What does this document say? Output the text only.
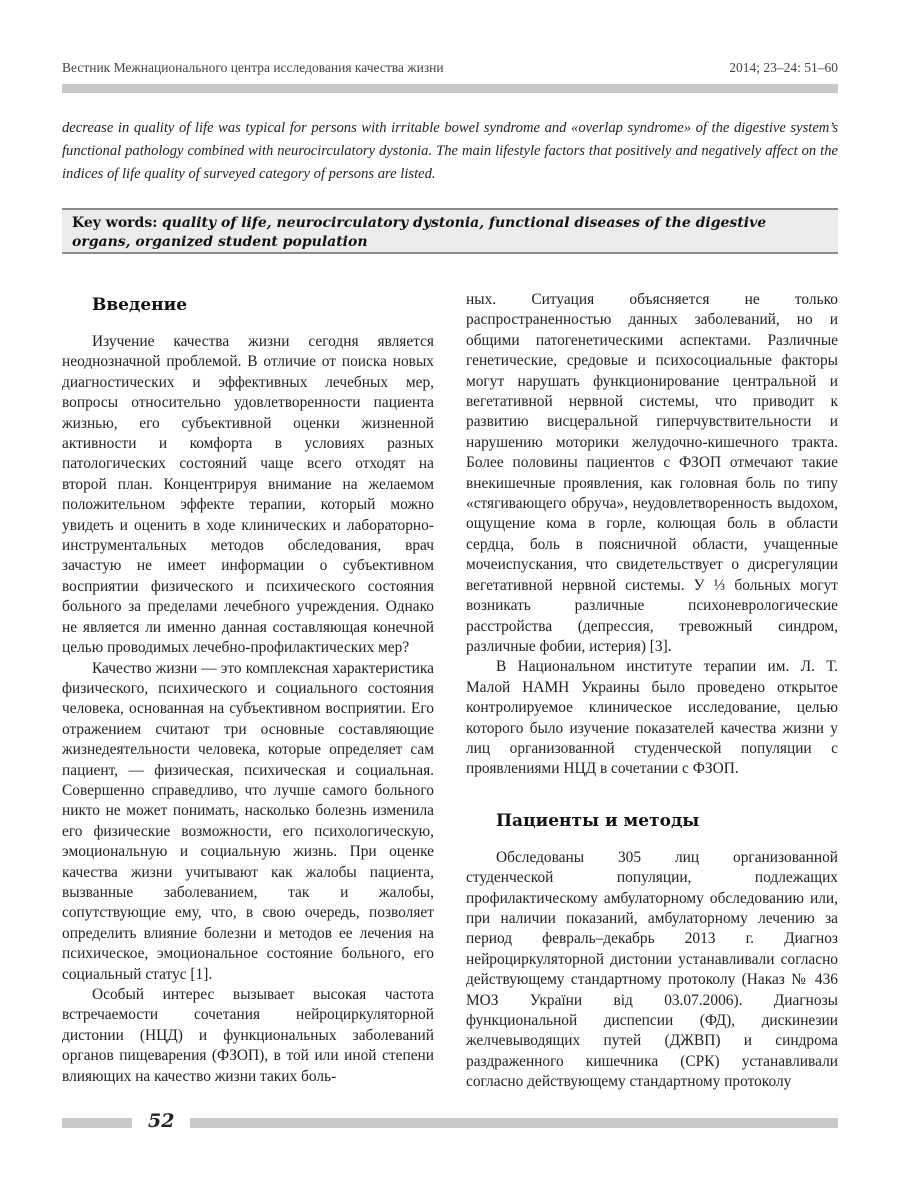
Вестник Межнационального центра исследования качества жизни	2014; 23–24: 51–60
decrease in quality of life was typical for persons with irritable bowel syndrome and «overlap syndrome» of the digestive system’s functional pathology combined with neurocirculatory dystonia. The main lifestyle factors that positively and negatively affect on the indices of life quality of surveyed category of persons are listed.
Key words: quality of life, neurocirculatory dystonia, functional diseases of the digestive organs, organized student population
Введение

Изучение качества жизни сегодня является неоднозначной проблемой. В отличие от поиска новых диагностических и эффективных лечебных мер, вопросы относительно удовлетворенности пациента жизнью, его субъективной оценки жизненной активности и комфорта в условиях разных патологических состояний чаще всего отходят на второй план. Концентрируя внимание на желаемом положительном эффекте терапии, который можно увидеть и оценить в ходе клинических и лабораторно-инструментальных методов обследования, врач зачастую не имеет информации о субъективном восприятии физического и психического состояния больного за пределами лечебного учреждения. Однако не является ли именно данная составляющая конечной целью проводимых лечебно-профилактических мер?

Качество жизни — это комплексная характеристика физического, психического и социального состояния человека, основанная на субъективном восприятии. Его отражением считают три основные составляющие жизнедеятельности человека, которые определяет сам пациент, — физическая, психическая и социальная. Совершенно справедливо, что лучше самого больного никто не может понимать, насколько болезнь изменила его физические возможности, его психологическую, эмоциональную и социальную жизнь. При оценке качества жизни учитывают как жалобы пациента, вызванные заболеванием, так и жалобы, сопутствующие ему, что, в свою очередь, позволяет определить влияние болезни и методов ее лечения на психическое, эмоциональное состояние больного, его социальный статус [1].

Особый интерес вызывает высокая частота встречаемости сочетания нейроциркуляторной дистонии (НЦД) и функциональных заболеваний органов пищеварения (ФЗОП), в той или иной степени влияющих на качество жизни таких боль-

ных. Ситуация объясняется не только распространенностью данных заболеваний, но и общими патогенетическими аспектами. Различные генетические, средовые и психосоциальные факторы могут нарушать функционирование центральной и вегетативной нервной системы, что приводит к развитию висцеральной гиперчувствительности и нарушению моторики желудочно-кишечного тракта. Более половины пациентов с ФЗОП отмечают такие внекишечные проявления, как головная боль по типу «стягивающего обруча», неудовлетворенность выдохом, ощущение кома в горле, колющая боль в области сердца, боль в поясничной области, учащенные мочеиспускания, что свидетельствует о дисрегуляции вегетативной нервной системы. У ⅓ больных могут возникать различные психоневрологические расстройства (депрессия, тревожный синдром, различные фобии, истерия) [3].

В Национальном институте терапии им. Л. Т. Малой НАМН Украины было проведено открытое контролируемое клиническое исследование, целью которого было изучение показателей качества жизни у лиц организованной студенческой популяции с проявлениями НЦД в сочетании с ФЗОП.

Пациенты и методы

Обследованы 305 лиц организованной студенческой популяции, подлежащих профилактическому амбулаторному обследованию или, при наличии показаний, амбулаторному лечению за период февраль–декабрь 2013 г. Диагноз нейроциркуляторной дистонии устанавливали согласно действующему стандартному протоколу (Наказ № 436 МОЗ України від 03.07.2006). Диагнозы функциональной диспепсии (ФД), дискинезии желчевыводящих путей (ДЖВП) и синдрома раздраженного кишечника (СРК) устанавливали согласно действующему стандартному протоколу

52
